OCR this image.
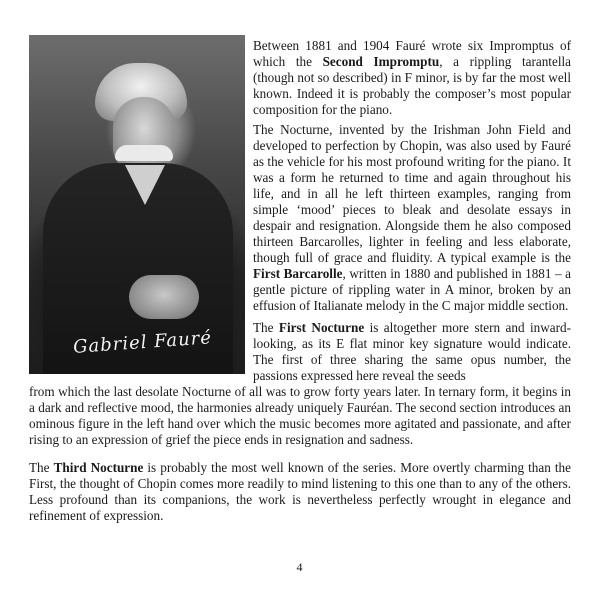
Gabriel Fauré

Between 1881 and 1904 Fauré wrote six Impromptus of which the Second Impromptu, a rippling tarantella (though not so described) in F minor, is by far the most well known. Indeed it is probably the composer’s most popular composition for the piano.

The Nocturne, invented by the Irishman John Field and developed to perfection by Chopin, was also used by Fauré as the vehicle for his most profound writing for the piano. It was a form he returned to time and again throughout his life, and in all he left thirteen examples, ranging from simple ‘mood’ pieces to bleak and desolate essays in despair and resignation. Alongside them he also composed thirteen Barcarolles, lighter in feeling and less elaborate, though full of grace and fluidity. A typical example is the First Barcarolle, written in 1880 and published in 1881 – a gentle picture of rippling water in A minor, broken by an effusion of Italianate melody in the C major middle section.

The First Nocturne is altogether more stern and inward-looking, as its E flat minor key signature would indicate. The first of three sharing the same opus number, the passions expressed here reveal the seeds

from which the last desolate Nocturne of all was to grow forty years later. In ternary form, it begins in a dark and reflective mood, the harmonies already uniquely Fauréan. The second section introduces an ominous figure in the left hand over which the music becomes more agitated and passionate, and after rising to an expression of grief the piece ends in resignation and sadness.

The Third Nocturne is probably the most well known of the series. More overtly charming than the First, the thought of Chopin comes more readily to mind listening to this one than to any of the others. Less profound than its companions, the work is nevertheless perfectly wrought in elegance and refinement of expression.

4
